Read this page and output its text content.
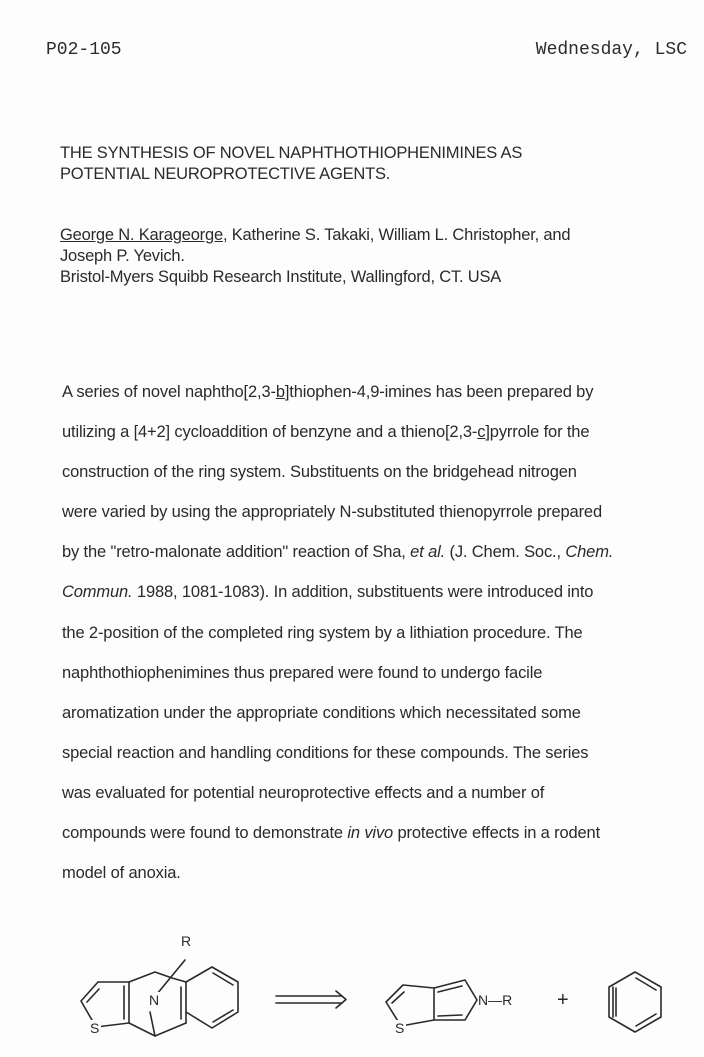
P02-105	Wednesday, LSC
THE SYNTHESIS OF NOVEL NAPHTHOTHIOPHENIMINES AS
POTENTIAL NEUROPROTECTIVE AGENTS.
George N. Karageorge, Katherine S. Takaki, William L. Christopher, and
Joseph P. Yevich.
Bristol-Myers Squibb Research Institute, Wallingford, CT. USA
A series of novel naphtho[2,3-b]thiophen-4,9-imines has been prepared by
utilizing a [4+2] cycloaddition of benzyne and a thieno[2,3-c]pyrrole for the
construction of the ring system. Substituents on the bridgehead nitrogen
were varied by using the appropriately N-substituted thienopyrrole prepared
by the "retro-malonate addition" reaction of Sha, et al. (J. Chem. Soc., Chem.
Commun. 1988, 1081-1083). In addition, substituents were introduced into
the 2-position of the completed ring system by a lithiation procedure. The
naphthothiophenimines thus prepared were found to undergo facile
aromatization under the appropriate conditions which necessitated some
special reaction and handling conditions for these compounds. The series
was evaluated for potential neuroprotective effects and a number of
compounds were found to demonstrate in vivo protective effects in a rodent
model of anoxia.
R
N
S	S
N—R +
